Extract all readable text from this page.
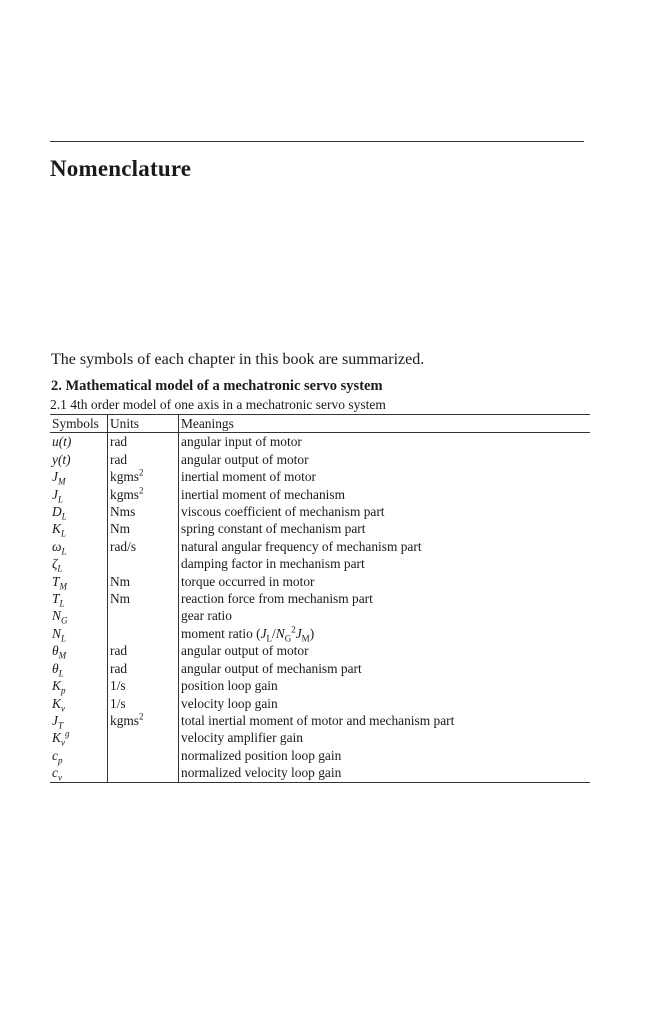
Nomenclature

The symbols of each chapter in this book are summarized.

2. Mathematical model of a mechatronic servo system

2.1 4th order model of one axis in a mechatronic servo system

Symbols	Units	Meanings
u(t)	rad	angular input of motor
y(t)	rad	angular output of motor
$J_M$	kgms$^2$	inertial moment of motor
$J_L$	kgms$^2$	inertial moment of mechanism
$D_L$	Nms	viscous coefficient of mechanism part
$K_L$	Nm	spring constant of mechanism part
$\omega_L$	rad/s	natural angular frequency of mechanism part
$\zeta_L$		damping factor in mechanism part
$T_M$	Nm	torque occurred in motor
$T_L$	Nm	reaction force from mechanism part
$N_G$		gear ratio
$N_L$		moment ratio $(J_L/N_G^2J_M)$
$\theta_M$	rad	angular output of motor
$\theta_L$	rad	angular output of mechanism part
$K_p$	1/s	position loop gain
$K_v$	1/s	velocity loop gain
$J_T$	kgms$^2$	total inertial moment of motor and mechanism part
$K_v^g$		velocity amplifier gain
$c_p$		normalized position loop gain
$c_v$		normalized velocity loop gain
